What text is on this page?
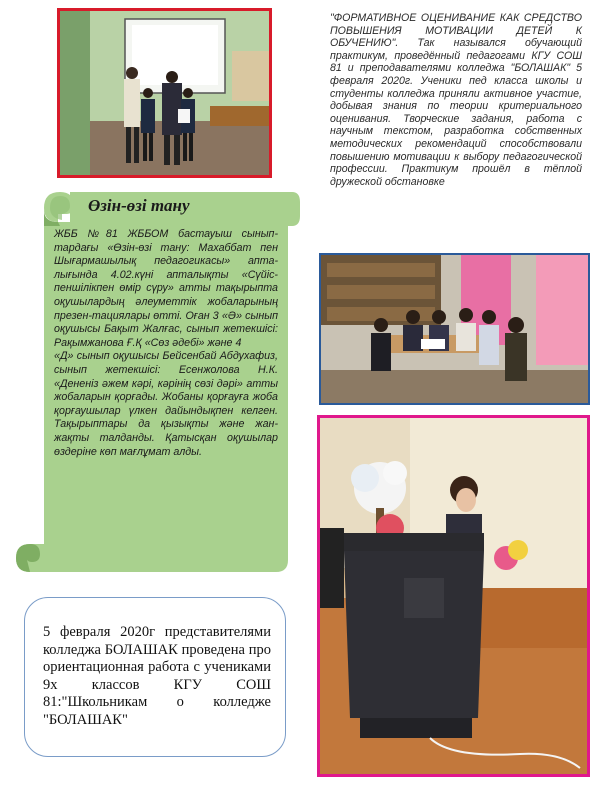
"ФОРМАТИВНОЕ ОЦЕНИВАНИЕ КАК СРЕДСТВО ПОВЫШЕНИЯ МОТИВАЦИИ ДЕТЕЙ К ОБУЧЕНИЮ". Так назывался обучающий практикум, проведённый педагогами КГУ СОШ 81 и преподавателями колледжа "БОЛАШАК" 5 февраля 2020г. Ученики пед класса школы и студенты колледжа приняли активное участие, добывая знания по теории критериального оценивания. Творческие задания, работа с научным текстом, разработка собственных методических рекомендаций способствовали повышению мотивации к выбору педагогической профессии. Практикум прошёл в тёплой дружеской обстановке

Өзін-өзі тану

ЖББ №81 ЖББОМ бастауыш сынып-тардағы «Өзін-өзі тану: Махаббат пен Шығармашылық педагогикасы» апта-лығында 4.02.күні апталықты «Сүйіс-пеншілікпен өмір сүру» атты тақырыпта оқушылардың әлеуметтік жобаларының презен-тациялары өтті. Оған 3 «Ә» сынып оқушысы Бақыт Жалғас, сынып жетекшісі: Рақымжанова Ғ.Қ «Сөз әдебі» және 4

«Д» сынып оқушысы Бейсенбай Абдухафиз, сынып жетекшісі: Есенжолова Н.К. «Дененіз әжем кәрі, кәрінің сөзі дәрі» атты жобаларын қорғады. Жобаны қорғауға жоба қорғаушылар үлкен дайындықпен келген. Тақырыптары да қызықты және жан-жақты талданды. Қатысқан оқушылар өздеріне көп мағлұмат алды.

5 февраля 2020г представителями колледжа БОЛАШАК проведена про ориентационная работа с учениками 9х классов КГУ СОШ 81:"Школьникам о колледже "БОЛАШАК"
